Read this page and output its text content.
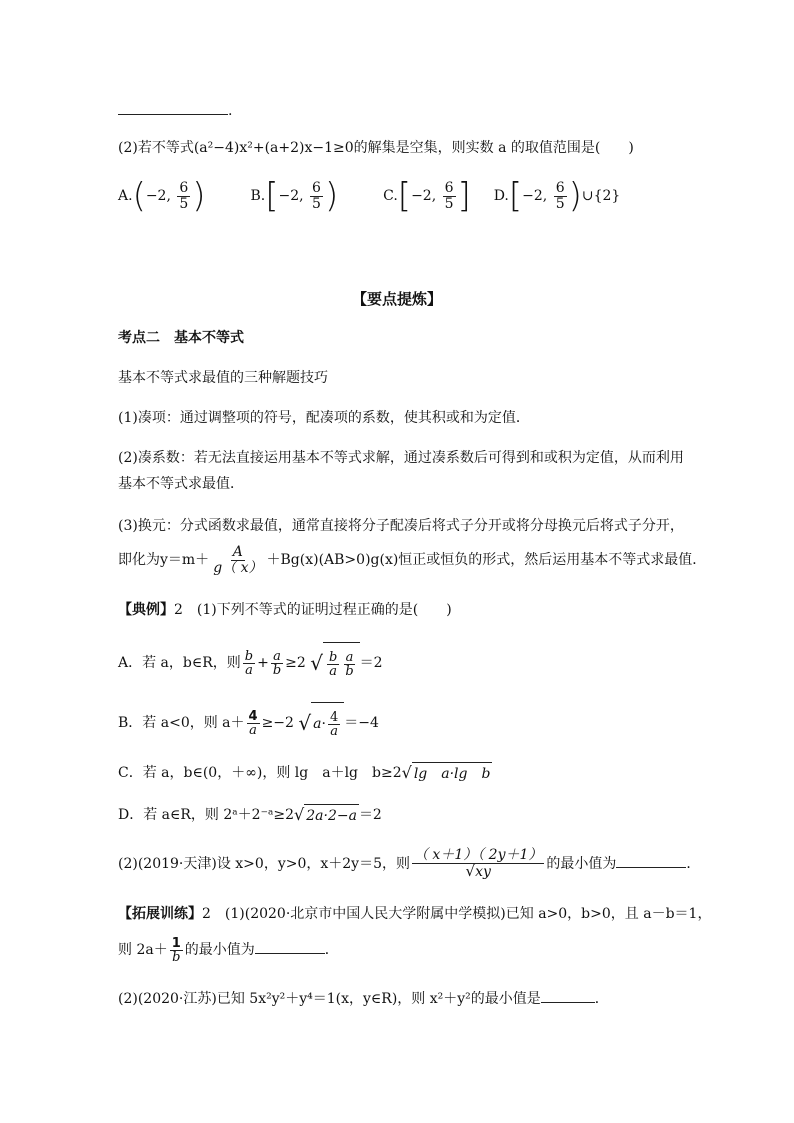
.
(2)若不等式(a²−4)x²+(a+2)x−1≥0的解集是空集，则实数 a 的取值范围是(　　)
A.(−2, $\frac{6}{5}$ )	B.[−2, $\frac{6}{5}$ )	C.[−2, $\frac{6}{5}$ ] D.[−2, $\frac{6}{5}$ )∪{2}
【要点提炼】
考点二　基本不等式
基本不等式求最值的三种解题技巧
(1)凑项：通过调整项的符号，配凑项的系数，使其积或和为定值．
(2)凑系数：若无法直接运用基本不等式求解，通过凑系数后可得到和或积为定值，从而利用
基本不等式求最值．
(3)换元：分式函数求最值，通常直接将分子配凑后将式子分开或将分母换元后将式子分开，
即化为$y=m+ \frac{A}{g( x)} +Bg(x)(AB>0)g(x)$恒正或恒负的形式，然后运用基本不等式求最值．
【典例】2　(1)下列不等式的证明过程正确的是(　　)
A．若 a，b∈R，则 $\frac{b}{a} + \frac{a}{b} \ge 2$ √ $\frac{b}{a} \frac{a}{b} =2$
B．若 a<0，则 $a+ \frac{4}{a} \ge-2$ √ $a\cdot \frac{4}{a} =-4$
C．若 a，b∈(0，＋∞)，则 lg　a＋lg　b≥2√ lg　a·lg　b
D．若 a∈R，则 2ᵃ＋2⁻ᵃ≥2√ 2a·2−a ＝2
(2)(2019·天津)设 x>0，y>0，x＋2y＝5，则 $\frac{( x+1)( 2y+1)}{√xy}$ 的最小值为	．
【拓展训练】2　(1)(2020·北京市中国人民大学附属中学模拟)已知 a>0，b>0，且 a－b＝1，
则 $2a+ \frac{1}{b}$ 的最小值为	．
(2)(2020·江苏)已知 5x²y²＋y⁴＝1(x，y∈R)，则 x²＋y²的最小值是	．
